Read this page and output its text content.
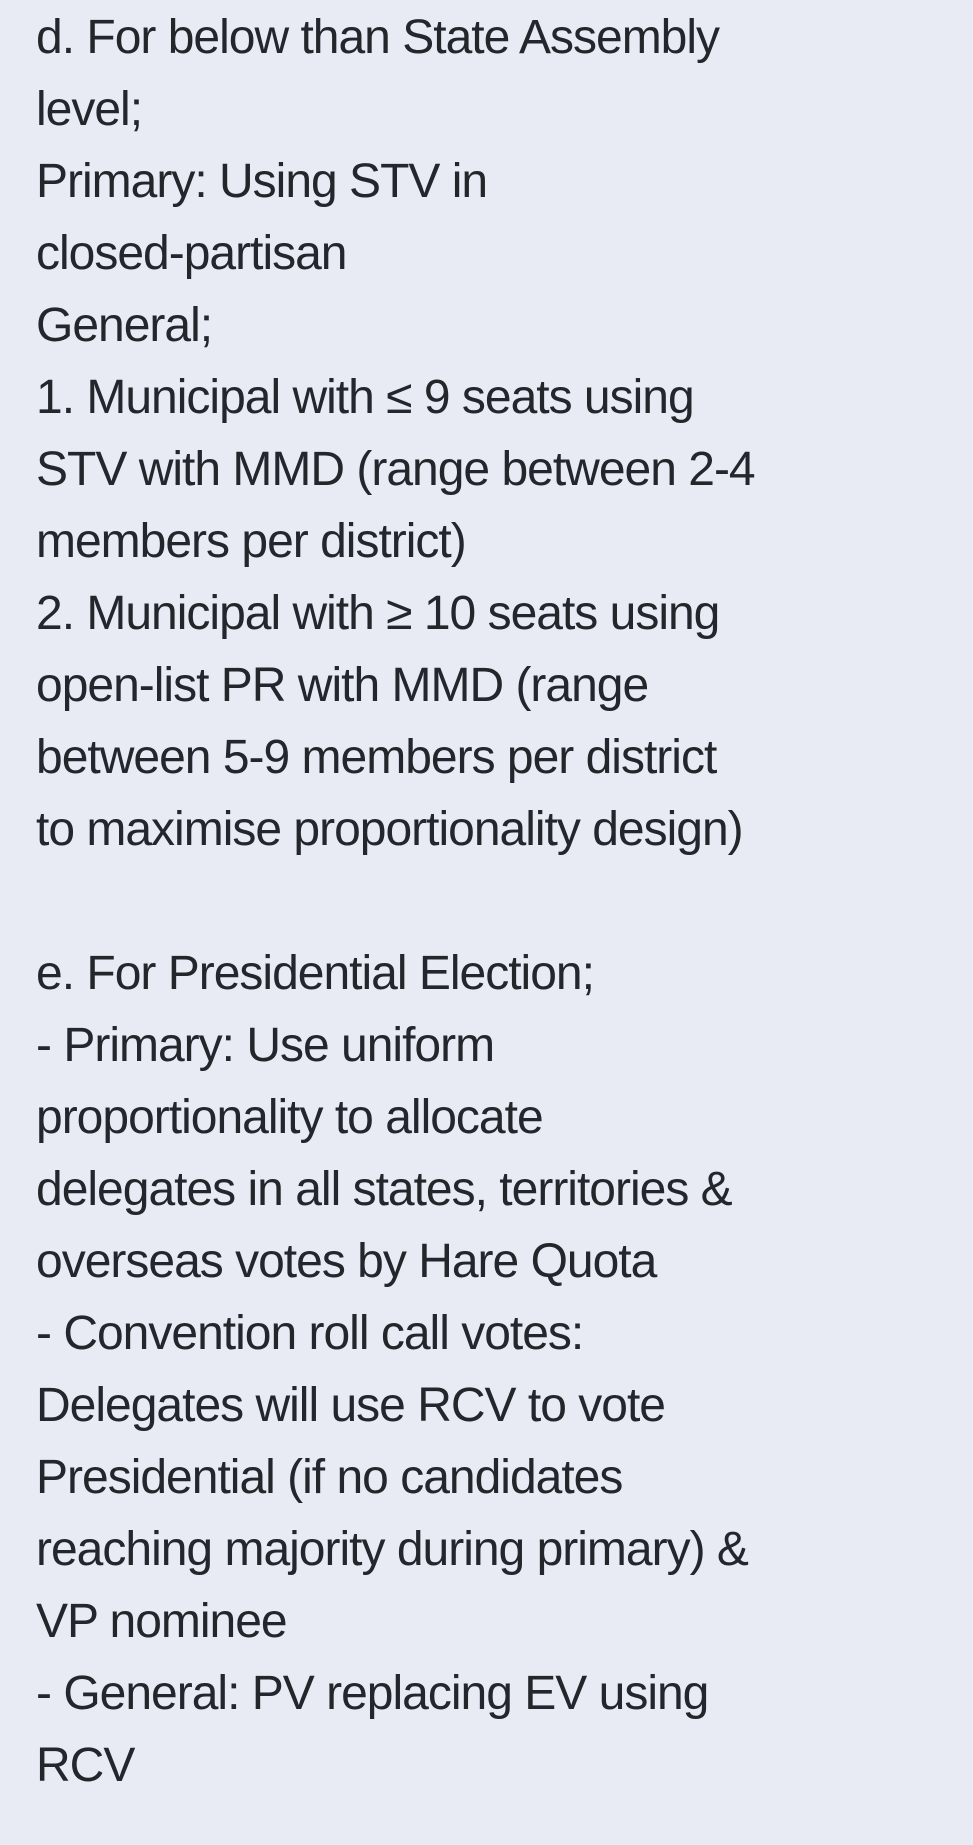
d. For below than State Assembly
level;
Primary: Using STV in
closed-partisan
General;
1. Municipal with ≤ 9 seats using
STV with MMD (range between 2-4
members per district)
2. Municipal with ≥ 10 seats using
open-list PR with MMD (range
between 5-9 members per district
to maximise proportionality design)
e. For Presidential Election;
- Primary: Use uniform
proportionality to allocate
delegates in all states, territories &
overseas votes by Hare Quota
- Convention roll call votes:
Delegates will use RCV to vote
Presidential (if no candidates
reaching majority during primary) &
VP nominee
- General: PV replacing EV using
RCV
